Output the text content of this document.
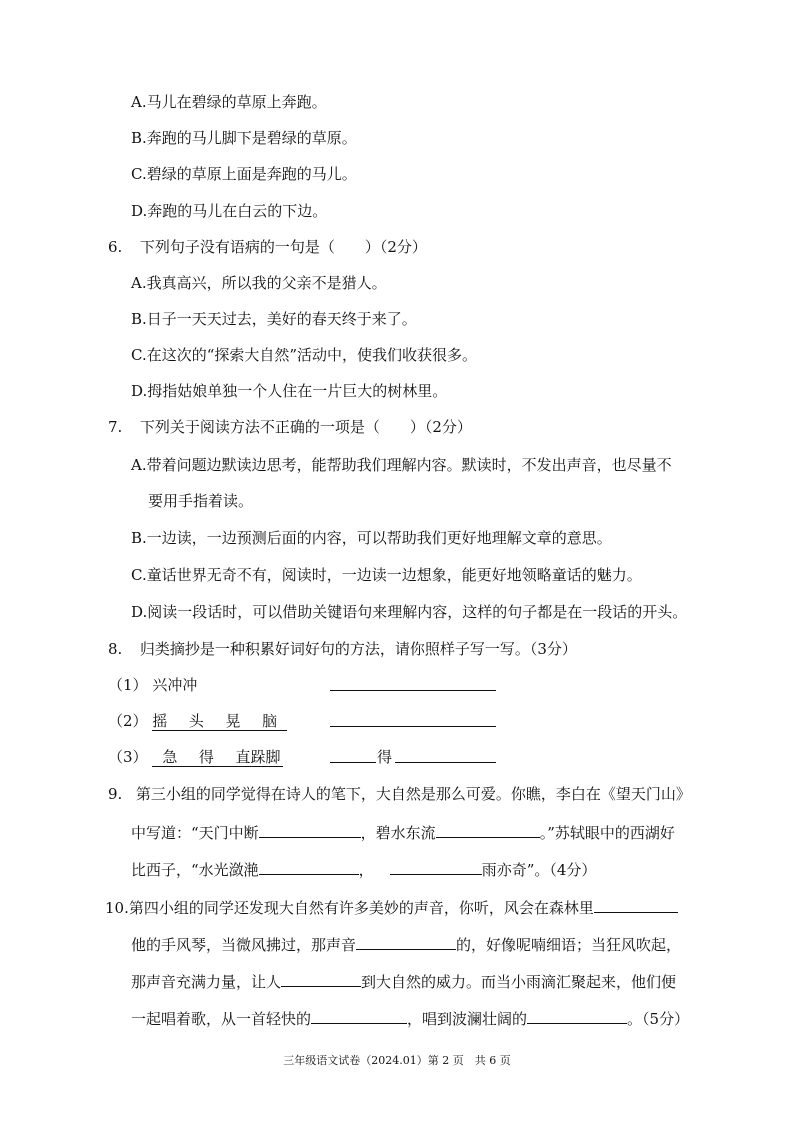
A.马儿在碧绿的草原上奔跑。
B.奔跑的马儿脚下是碧绿的草原。
C.碧绿的草原上面是奔跑的马儿。
D.奔跑的马儿在白云的下边。
6. 下列句子没有语病的一句是（　　）（2分）
A.我真高兴，所以我的父亲不是猎人。
B.日子一天天过去，美好的春天终于来了。
C.在这次的“探索大自然”活动中，使我们收获很多。
D.拇指姑娘单独一个人住在一片巨大的树林里。
7. 下列关于阅读方法不正确的一项是（　　）（2分）
A.带着问题边默读边思考，能帮助我们理解内容。默读时，不发出声音，也尽量不
要用手指着读。
B.一边读，一边预测后面的内容，可以帮助我们更好地理解文章的意思。
C.童话世界无奇不有，阅读时，一边读一边想象，能更好地领略童话的魅力。
D.阅读一段话时，可以借助关键语句来理解内容，这样的句子都是在一段话的开头。
8. 归类摘抄是一种积累好词好句的方法，请你照样子写一写。（3分）
（1） 兴冲冲
（2） 摇 头 晃 脑
（3） 急 得 直跺脚	得
9. 第三小组的同学觉得在诗人的笔下，大自然是那么可爱。你瞧，李白在《望天门山》
中写道：“天门中断	，碧水东流	。”苏轼眼中的西湖好
比西子，“水光潋滟	，	雨亦奇”。（4分）
10.第四小组的同学还发现大自然有许多美妙的声音，你听，风会在森林里
他的手风琴，当微风拂过，那声音	的，好像呢喃细语；当狂风吹起，
那声音充满力量，让人	到大自然的威力。而当小雨滴汇聚起来，他们便
一起唱着歌，从一首轻快的	，唱到波澜壮阔的	。（5分）
三年级语文试卷（2024.01）第 2 页　共 6 页
